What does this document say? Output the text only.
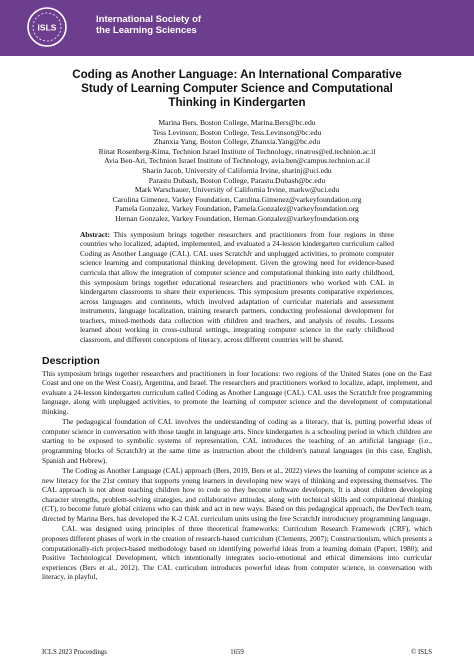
ISLS
International Society of
the Learning Sciences
Coding as Another Language: An International Comparative Study of Learning Computer Science and Computational Thinking in Kindergarten
Marina Bers, Boston College, Marina.Bers@bc.edu
Tess Levinson, Boston College, Tess.Levinson@bc.edu
Zhanxia Yang, Boston College, Zhanxia.Yang@bc.edu
Rinat Rosenberg-Kima, Technion Israel Institute of Technology, rinatros@ed.technion.ac.il
Avia Ben-Ari, Technion Israel Institute of Technology, avia.ben@campus.technion.ac.il
Sharin Jacob, University of California Irvine, sharinj@uci.edu
Parastu Dubash, Boston College, Parastu.Dubash@bc.edu
Mark Warschauer, University of California Irvine, markw@uci.edu
Carolina Gimenez, Varkey Foundation, Carolina.Gimenez@varkeyfoundation.org
Pamela Gonzalez, Varkey Foundation, Pamela.Gonzalez@varkeyfoundation.org
Hernan Gonzalez, Varkey Foundation, Hernan.Gonzalez@varkeyfoundation.org
Abstract: This symposium brings together researchers and practitioners from four regions in three countries who localized, adapted, implemented, and evaluated a 24-lesson kindergarten curriculum called Coding as Another Language (CAL). CAL uses ScratchJr and unplugged activities, to promote computer science learning and computational thinking development. Given the growing need for evidence-based curricula that allow the integration of computer science and computational thinking into early childhood, this symposium brings together educational researchers and practitioners who worked with CAL in kindergarten classrooms to share their experiences. This symposium presents comparative experiences, across languages and continents, which involved adaptation of curricular materials and assessment instruments, language localization, training research partners, conducting professional development for teachers, mixed-methods data collection with children and teachers, and analysis of results. Lessons learned about working in cross-cultural settings, integrating computer science in the early childhood classroom, and different conceptions of literacy, across different countries will be shared.
Description

This symposium brings together researchers and practitioners in four locations: two regions of the United States (one on the East Coast and one on the West Coast), Argentina, and Israel. The researchers and practitioners worked to localize, adapt, implement, and evaluate a 24-lesson kindergarten curriculum called Coding as Another Language (CAL). CAL uses the ScratchJr free programming language, along with unplugged activities, to promote the learning of computer science and the development of computational thinking.

The pedagogical foundation of CAL involves the understanding of coding as a literacy, that is, putting powerful ideas of computer science in conversation with those taught in language arts. Since kindergarten is a schooling period in which children are starting to be exposed to symbolic systems of representation, CAL introduces the teaching of an artificial language (i.e., programming blocks of ScratchJr) at the same time as instruction about the children's natural languages (in this case, English, Spanish and Hebrew).

The Coding as Another Language (CAL) approach (Bers, 2019, Bers et al., 2022) views the learning of computer science as a new literacy for the 21st century that supports young learners in developing new ways of thinking and expressing themselves. The CAL approach is not about teaching children how to code so they become software developers. It is about children developing character strengths, problem-solving strategies, and collaborative attitudes, along with technical skills and computational thinking (CT), to become future global citizens who can think and act in new ways. Based on this pedagogical approach, the DevTech team, directed by Marina Bers, has developed the K-2 CAL curriculum units using the free ScratchJr introductory programming language.

CAL was designed using principles of three theoretical frameworks: Curriculum Research Framework (CRF), which proposes different phases of work in the creation of research-based curriculum (Clements, 2007); Constructionism, which presents a computationally-rich project-based methodology based on identifying powerful ideas from a learning domain (Papert, 1980); and Positive Technological Development, which intentionally integrates socio-emotional and ethical dimensions into curricular experiences (Bers et al., 2012). The CAL curriculum introduces powerful ideas from computer science, in conversation with literacy, in playful,

ICLS 2023 Proceedings	1659	© ISLS
